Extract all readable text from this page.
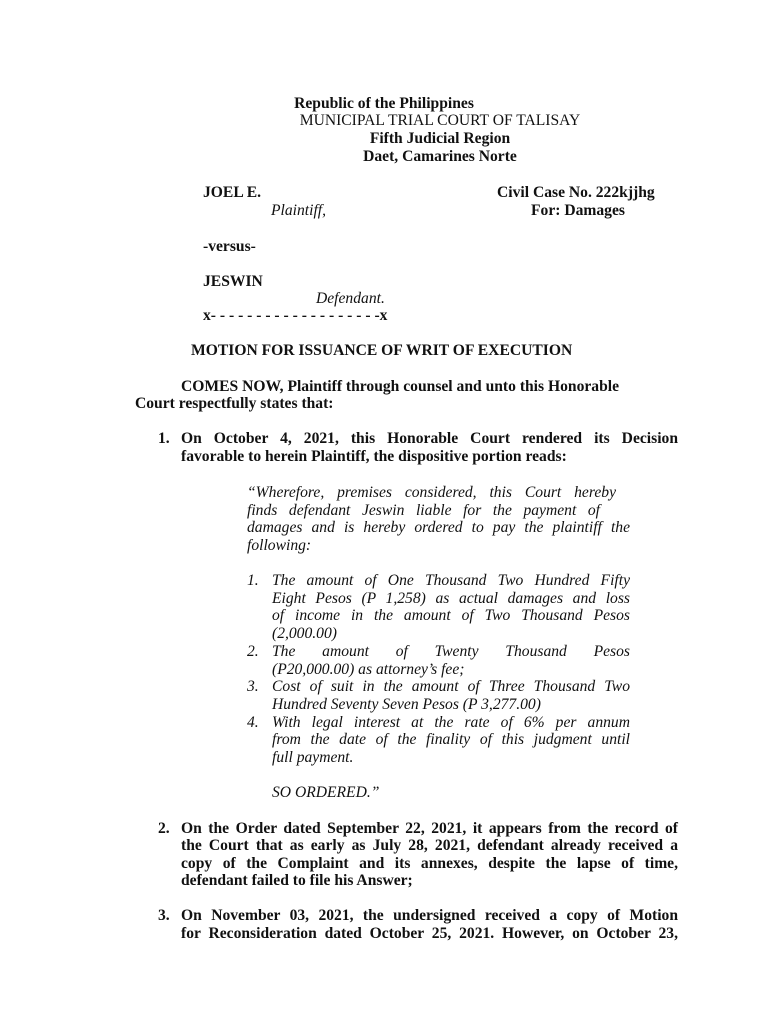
Republic of the Philippines
MUNICIPAL TRIAL COURT OF TALISAY
Fifth Judicial Region
Daet, Camarines Norte
JOEL E.
Plaintiff,
Civil Case No. 222kjjhg
For: Damages
-versus-
JESWIN
Defendant.
x- - - - - - - - - - - - - - - - - - -x
MOTION FOR ISSUANCE OF WRIT OF EXECUTION
COMES NOW, Plaintiff through counsel and unto this Honorable
Court respectfully states that:
1. On October 4, 2021, this Honorable Court rendered its Decision
favorable to herein Plaintiff, the dispositive portion reads:
“Wherefore, premises considered, this Court hereby
finds defendant Jeswin liable for the payment of
damages and is hereby ordered to pay the plaintiff the
following:
1. The amount of One Thousand Two Hundred Fifty
Eight Pesos (P 1,258) as actual damages and loss
of income in the amount of Two Thousand Pesos
(2,000.00)
2. The amount of Twenty Thousand Pesos
(P20,000.00) as attorney’s fee;
3. Cost of suit in the amount of Three Thousand Two
Hundred Seventy Seven Pesos (P 3,277.00)
4. With legal interest at the rate of 6% per annum
from the date of the finality of this judgment until
full payment.
SO ORDERED.”
2. On the Order dated September 22, 2021, it appears from the record of
the Court that as early as July 28, 2021, defendant already received a
copy of the Complaint and its annexes, despite the lapse of time,
defendant failed to file his Answer;
3. On November 03, 2021, the undersigned received a copy of Motion
for Reconsideration dated October 25, 2021. However, on October 23,
